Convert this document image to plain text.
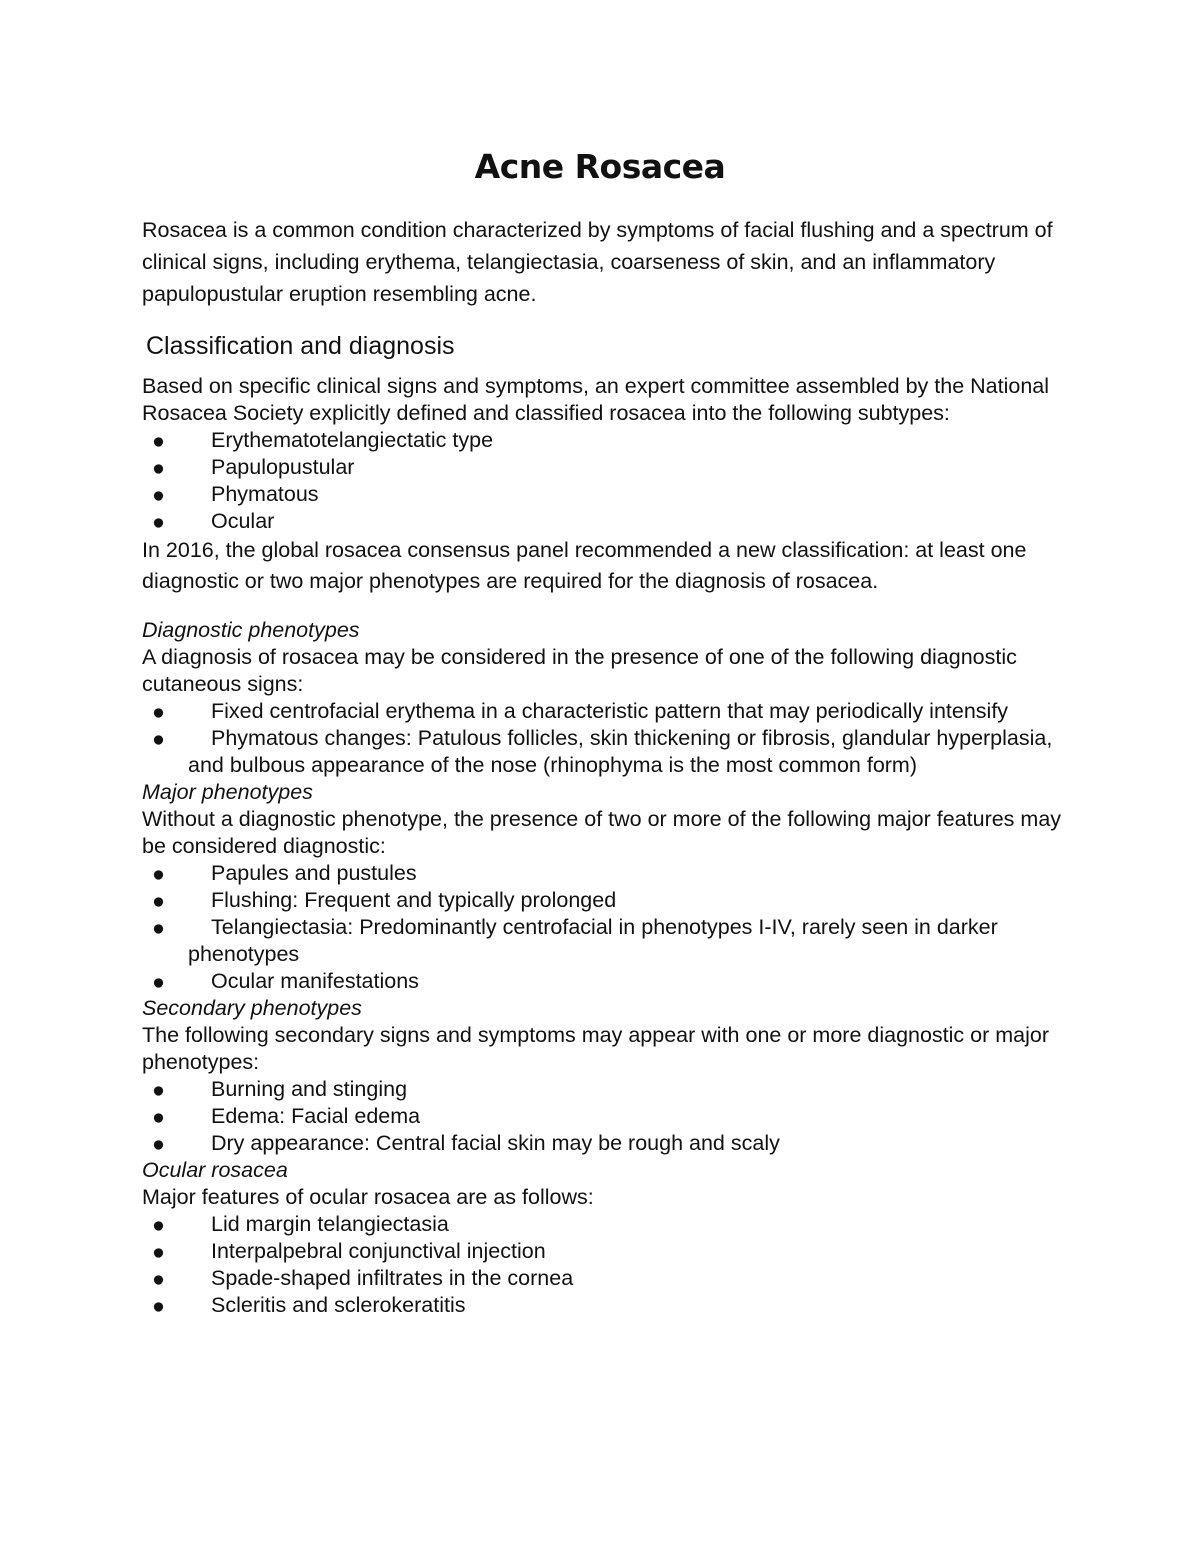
Acne Rosacea
Rosacea is a common condition characterized by symptoms of facial flushing and a spectrum of clinical signs, including erythema, telangiectasia, coarseness of skin, and an inflammatory papulopustular eruption resembling acne.
Classification and diagnosis

Based on specific clinical signs and symptoms, an expert committee assembled by the National Rosacea Society explicitly defined and classified rosacea into the following subtypes:

● Erythematotelangiectatic type
● Papulopustular
● Phymatous
● Ocular

In 2016, the global rosacea consensus panel recommended a new classification: at least one diagnostic or two major phenotypes are required for the diagnosis of rosacea.

Diagnostic phenotypes

A diagnosis of rosacea may be considered in the presence of one of the following diagnostic cutaneous signs:

● Fixed centrofacial erythema in a characteristic pattern that may periodically intensify
● Phymatous changes: Patulous follicles, skin thickening or fibrosis, glandular hyperplasia, and bulbous appearance of the nose (rhinophyma is the most common form)

Major phenotypes

Without a diagnostic phenotype, the presence of two or more of the following major features may be considered diagnostic:

● Papules and pustules
● Flushing: Frequent and typically prolonged
● Telangiectasia: Predominantly centrofacial in phenotypes I-IV, rarely seen in darker phenotypes
● Ocular manifestations

Secondary phenotypes

The following secondary signs and symptoms may appear with one or more diagnostic or major phenotypes:

● Burning and stinging
● Edema: Facial edema
● Dry appearance: Central facial skin may be rough and scaly

Ocular rosacea

Major features of ocular rosacea are as follows:

● Lid margin telangiectasia
● Interpalpebral conjunctival injection
● Spade-shaped infiltrates in the cornea
● Scleritis and sclerokeratitis
